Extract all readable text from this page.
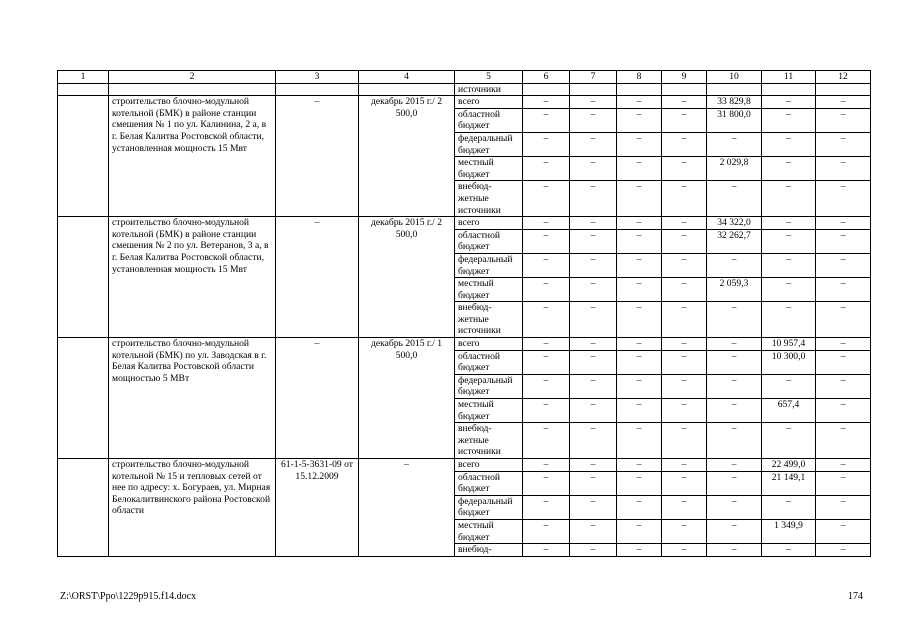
1	2	3	4	5	6	7	8	9	10	11	12
				источники							
	строительство блочно-модульной котельной (БМК) в районе станции смешения № 1 по ул. Калинина, 2 а, в г. Белая Калитва Ростовской области, установленная мощность 15 Мвт	–	декабрь 2015 г./ 2 500,0	всего	–	–	–	–	33 829,8	–	–
				областной бюджет	–	–	–	–	31 800,0	–	–
				федеральный бюджет	–	–	–	–	–	–	–
				местный бюджет	–	–	–	–	2 029,8	–	–
				внебюд-жетные источники	–	–	–	–	–	–	–
	строительство блочно-модульной котельной (БМК) в районе станции смешения № 2 по ул. Ветеранов, 3 а, в г. Белая Калитва Ростовской области, установленная мощность 15 Мвт	–	декабрь 2015 г./ 2 500,0	всего	–	–	–	–	34 322,0	–	–
				областной бюджет	–	–	–	–	32 262,7	–	–
				федеральный бюджет	–	–	–	–	–	–	–
				местный бюджет	–	–	–	–	2 059,3	–	–
				внебюд-жетные источники	–	–	–	–	–	–	–
	строительство блочно-модульной котельной (БМК) по ул. Заводская в г. Белая Калитва Ростовской области мощностью 5 МВт	–	декабрь 2015 г./ 1 500,0	всего	–	–	–	–	–	10 957,4	–
				областной бюджет	–	–	–	–	–	10 300,0	–
				федеральный бюджет	–	–	–	–	–	–	–
				местный бюджет	–	–	–	–	–	657,4	–
				внебюд-жетные источники	–	–	–	–	–	–	–
	строительство блочно-модульной котельной № 15 и тепловых сетей от нее по адресу: х. Богураев, ул. Мирная Белокалитвинского района Ростовской области	61-1-5-3631-09 от 15.12.2009	–	всего	–	–	–	–	–	22 499,0	–
				областной бюджет	–	–	–	–	–	21 149,1	–
				федеральный бюджет	–	–	–	–	–	–	–
				местный бюджет	–	–	–	–	–	1 349,9	–
				внебюд-	–	–	–	–	–	–	–
Z:\ORST\Ppo\1229p915.f14.docx	174
